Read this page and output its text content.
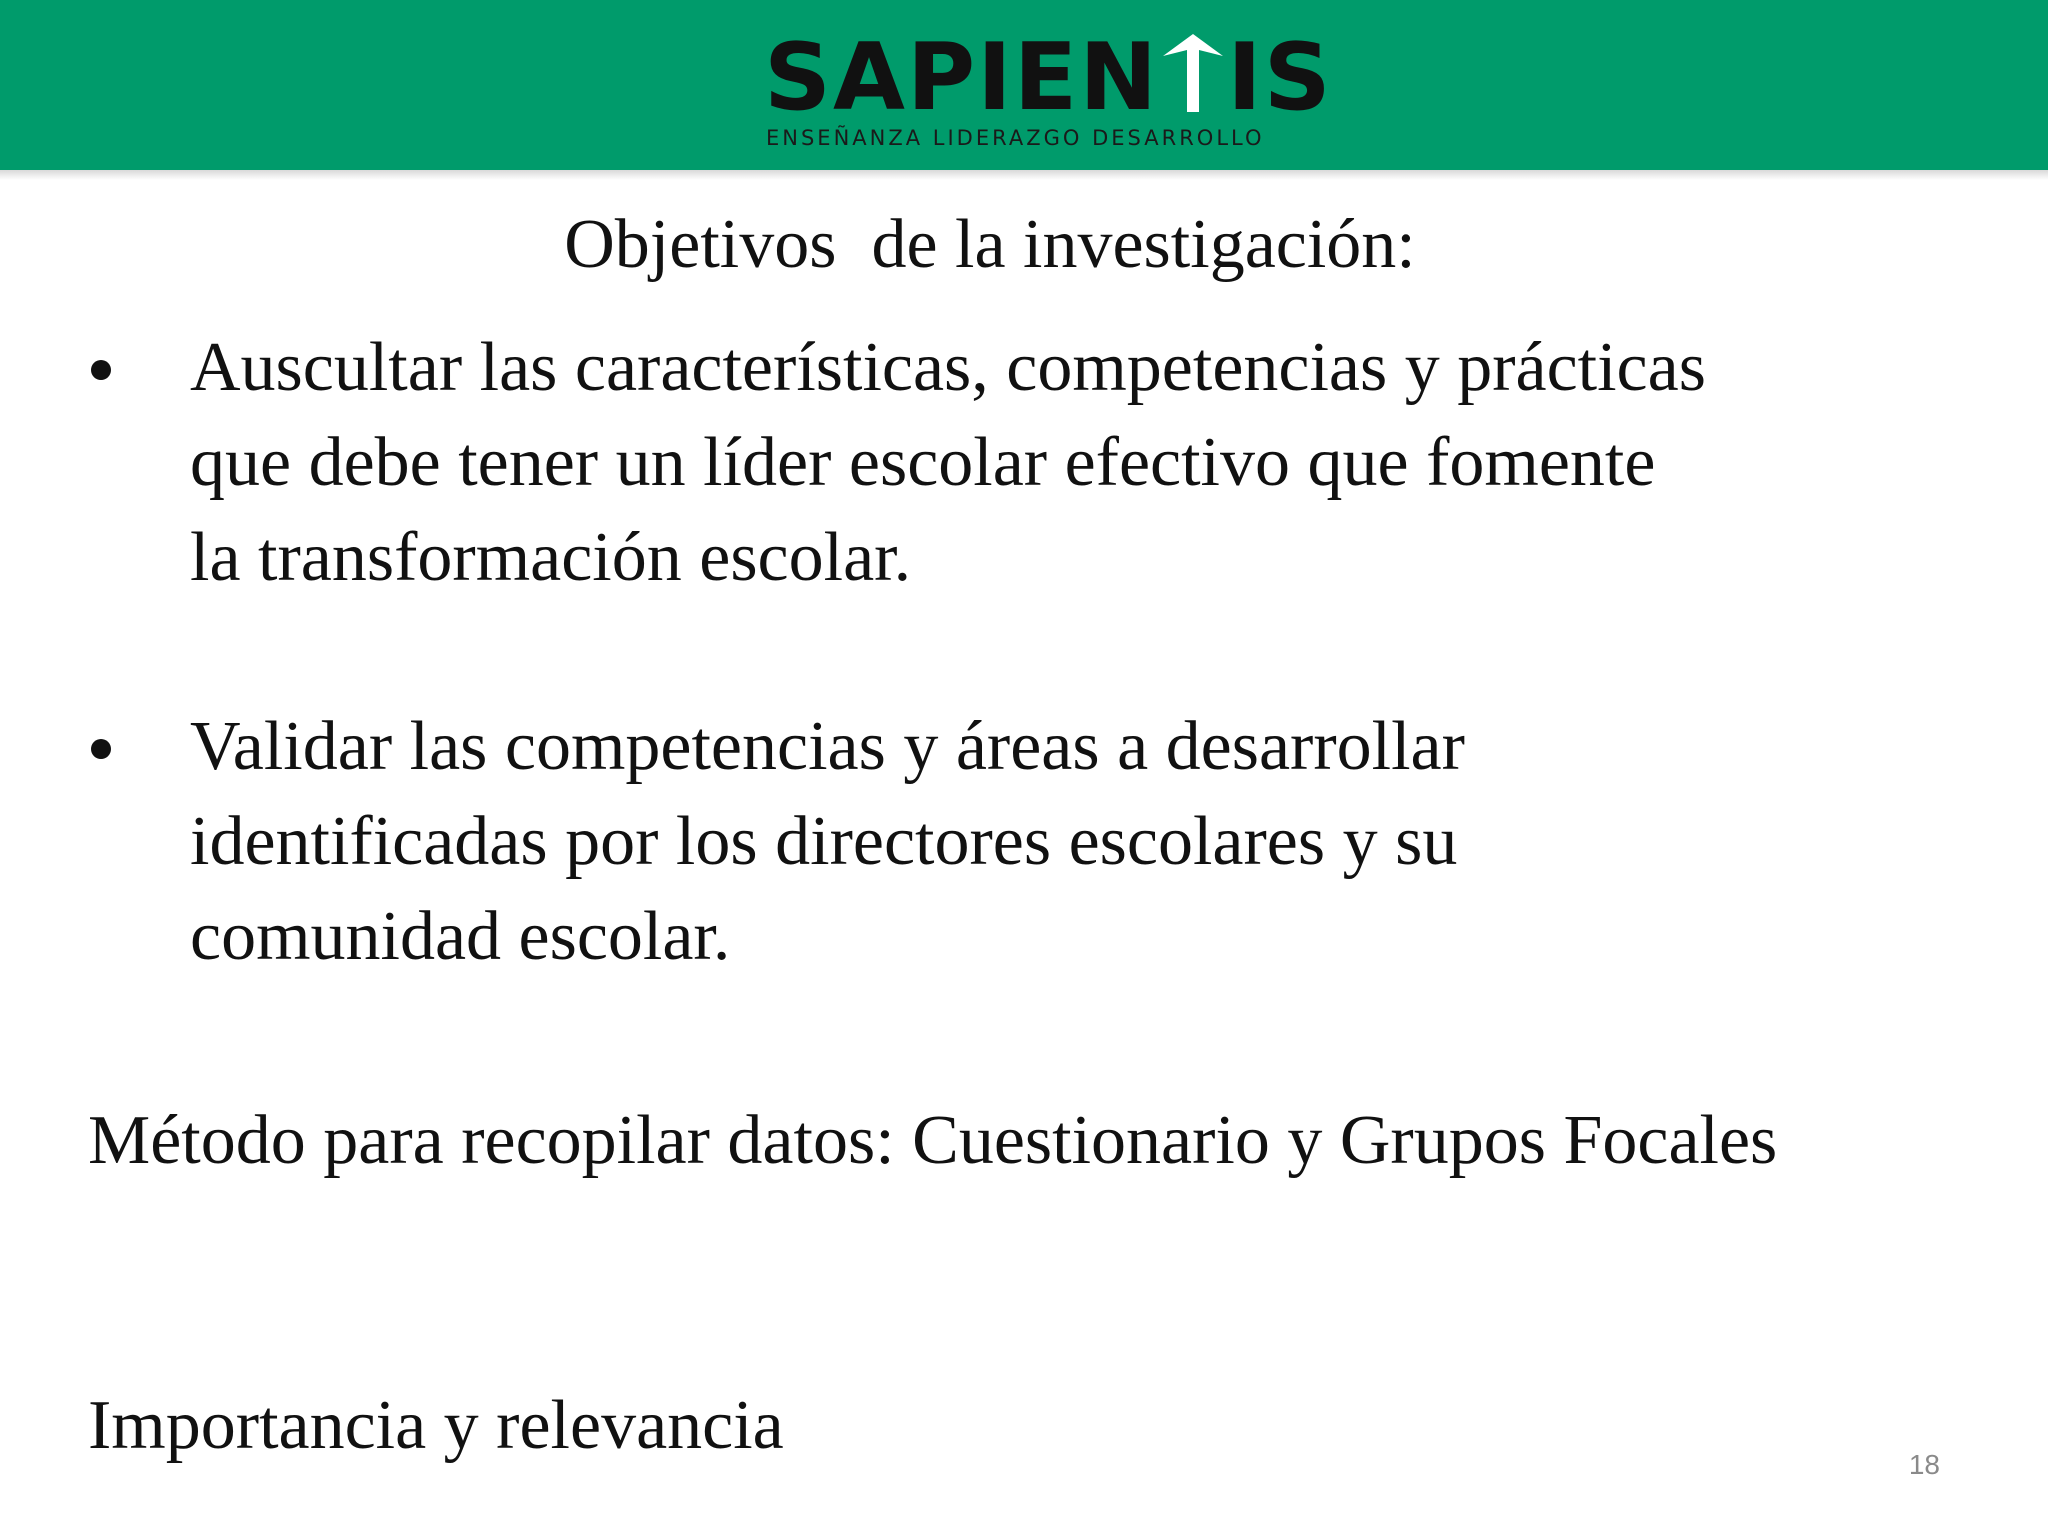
SAPIEN IS
ENSEÑANZA LIDERAZGO DESARROLLO
Objetivos  de la investigación:
Auscultar las características, competencias y prácticas
que debe tener un líder escolar efectivo que fomente
la transformación escolar.
Validar las competencias y áreas a desarrollar
identificadas por los directores escolares y su
comunidad escolar.
Método para recopilar datos: Cuestionario y Grupos Focales
Importancia y relevancia
18
